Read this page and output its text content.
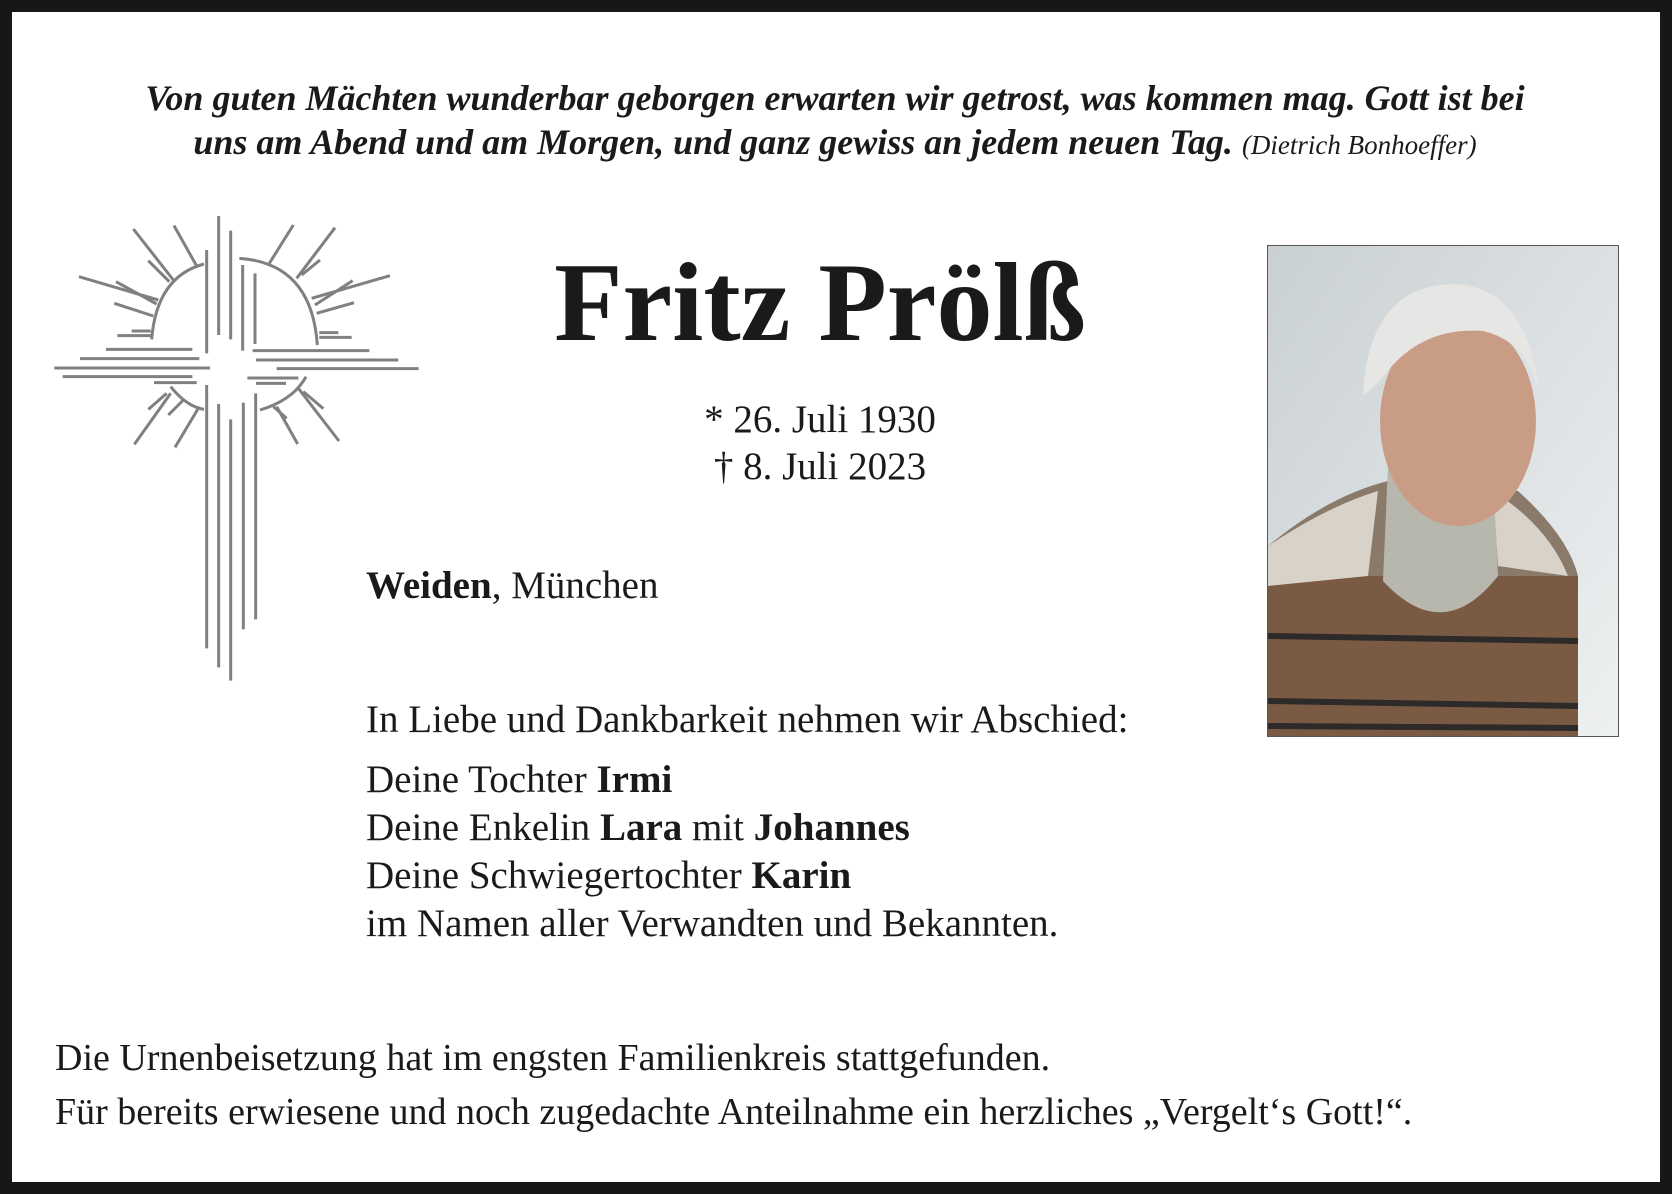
Von guten Mächten wunderbar geborgen erwarten wir getrost, was kommen mag. Gott ist bei
uns am Abend und am Morgen, und ganz gewiss an jedem neuen Tag. (Dietrich Bonhoeffer)
Fritz Prölß
* 26. Juli 1930
† 8. Juli 2023
Weiden, München
In Liebe und Dankbarkeit nehmen wir Abschied:
Deine Tochter Irmi
Deine Enkelin Lara mit Johannes
Deine Schwiegertochter Karin
im Namen aller Verwandten und Bekannten.
Die Urnenbeisetzung hat im engsten Familienkreis stattgefunden.
Für bereits erwiesene und noch zugedachte Anteilnahme ein herzliches „Vergelt‘s Gott!“.
